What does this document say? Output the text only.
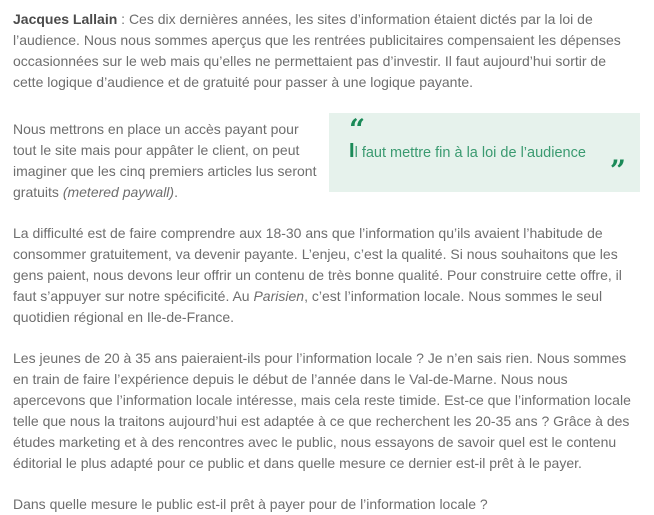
Jacques Lallain : Ces dix dernières années, les sites d’information étaient dictés par la loi de l’audience. Nous nous sommes aperçus que les rentrées publicitaires compensaient les dépenses occasionnées sur le web mais qu’elles ne permettaient pas d’investir. Il faut aujourd’hui sortir de cette logique d’audience et de gratuité pour passer à une logique payante.

Nous mettrons en place un accès payant pour tout le site mais pour appâter le client, on peut imaginer que les cinq premiers articles lus seront gratuits (metered paywall).

“

Il faut mettre fin à la loi de l’audience

”

La difficulté est de faire comprendre aux 18-30 ans que l’information qu’ils avaient l’habitude de consommer gratuitement, va devenir payante. L’enjeu, c’est la qualité. Si nous souhaitons que les gens paient, nous devons leur offrir un contenu de très bonne qualité. Pour construire cette offre, il faut s’appuyer sur notre spécificité. Au Parisien, c’est l’information locale. Nous sommes le seul quotidien régional en Ile-de-France.

Les jeunes de 20 à 35 ans paieraient-ils pour l’information locale ? Je n’en sais rien. Nous sommes en train de faire l’expérience depuis le début de l’année dans le Val-de-Marne. Nous nous apercevons que l’information locale intéresse, mais cela reste timide. Est-ce que l’information locale telle que nous la traitons aujourd’hui est adaptée à ce que recherchent les 20-35 ans ? Grâce à des études marketing et à des rencontres avec le public, nous essayons de savoir quel est le contenu éditorial le plus adapté pour ce public et dans quelle mesure ce dernier est-il prêt à le payer.

Dans quelle mesure le public est-il prêt à payer pour de l’information locale ?
